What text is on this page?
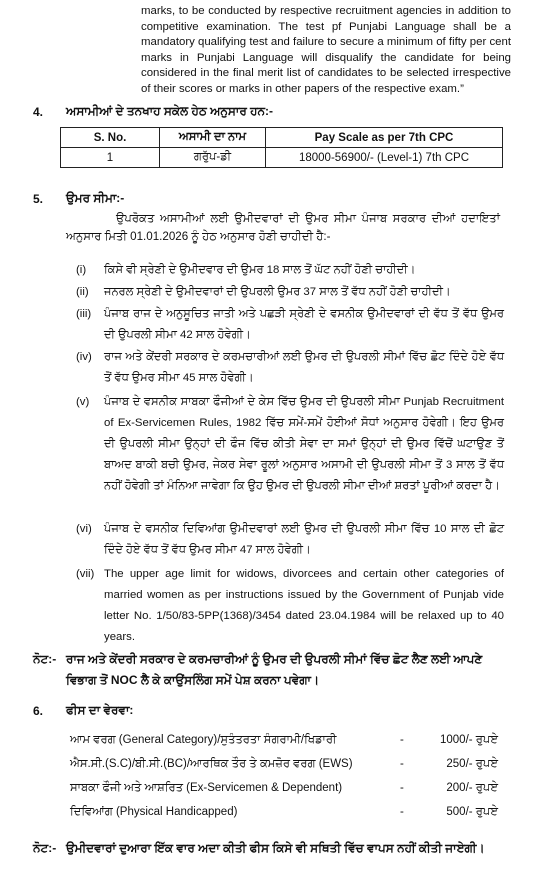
marks, to be conducted by respective recruitment agencies in addition to competitive examination. The test pf Punjabi Language shall be a mandatory qualifying test and failure to secure a minimum of fifty per cent marks in Punjabi Language will disqualify the candidate for being considered in the final merit list of candidates to be selected irrespective of their scores or marks in other papers of the respective exam.”
4. ਅਸਾਮੀਆਂ ਦੇ ਤਨਖਾਹ ਸਕੇਲ ਹੇਠ ਅਨੁਸਾਰ ਹਨ:-
S. No.	ਅਸਾਮੀ ਦਾ ਨਾਮ	Pay Scale as per 7th CPC
1	ਗਰੁੱਪ-ਡੀ	18000-56900/- (Level-1) 7th CPC
5. ਉਮਰ ਸੀਮਾ:-
ਉਪਰੋਕਤ ਅਸਾਮੀਆਂ ਲਈ ਉਮੀਦਵਾਰਾਂ ਦੀ ਉਮਰ ਸੀਮਾ ਪੰਜਾਬ ਸਰਕਾਰ ਦੀਆਂ ਹਦਾਇਤਾਂ ਅਨੁਸਾਰ ਮਿਤੀ 01.01.2026 ਨੂੰ ਹੇਠ ਅਨੁਸਾਰ ਹੋਣੀ ਚਾਹੀਦੀ ਹੈ:-
(i)	ਕਿਸੇ ਵੀ ਸ੍ਰੇਣੀ ਦੇ ਉਮੀਦਵਾਰ ਦੀ ਉਮਰ 18 ਸਾਲ ਤੋਂ ਘੱਟ ਨਹੀਂ ਹੋਣੀ ਚਾਹੀਦੀ।
(ii)	ਜਨਰਲ ਸ੍ਰੇਣੀ ਦੇ ਉਮੀਦਵਾਰਾਂ ਦੀ ਉਪਰਲੀ ਉਮਰ 37 ਸਾਲ ਤੋਂ ਵੱਧ ਨਹੀਂ ਹੋਣੀ ਚਾਹੀਦੀ।
(iii)	ਪੰਜਾਬ ਰਾਜ ਦੇ ਅਨੁਸੂਚਿਤ ਜਾਤੀ ਅਤੇ ਪਛੜੀ ਸ੍ਰੇਣੀ ਦੇ ਵਸਨੀਕ ਉਮੀਦਵਾਰਾਂ ਦੀ ਵੱਧ ਤੋਂ ਵੱਧ ਉਮਰ ਦੀ ਉਪਰਲੀ ਸੀਮਾ 42 ਸਾਲ ਹੋਵੇਗੀ।
(iv)	ਰਾਜ ਅਤੇ ਕੇਂਦਰੀ ਸਰਕਾਰ ਦੇ ਕਰਮਚਾਰੀਆਂ ਲਈ ਉਮਰ ਦੀ ਉਪਰਲੀ ਸੀਮਾਂ ਵਿੱਚ ਛੋਟ ਦਿੰਦੇ ਹੋਏ ਵੱਧ ਤੋਂ ਵੱਧ ਉਮਰ ਸੀਮਾ 45 ਸਾਲ ਹੋਵੇਗੀ।
(v)	ਪੰਜਾਬ ਦੇ ਵਸਨੀਕ ਸਾਬਕਾ ਫੌਜੀਆਂ ਦੇ ਕੇਸ ਵਿੱਚ ਉਮਰ ਦੀ ਉਪਰਲੀ ਸੀਮਾ Punjab Recruitment of Ex-Servicemen Rules, 1982 ਵਿੱਚ ਸਮੇਂ-ਸਮੇਂ ਹੋਈਆਂ ਸੋਧਾਂ ਅਨੁਸਾਰ ਹੋਵੇਗੀ। ਇਹ ਉਮਰ ਦੀ ਉਪਰਲੀ ਸੀਮਾ ਉਨ੍ਹਾਂ ਦੀ ਫੌਜ ਵਿੱਚ ਕੀਤੀ ਸੇਵਾ ਦਾ ਸਮਾਂ ਉਨ੍ਹਾਂ ਦੀ ਉਮਰ ਵਿੱਚੋਂ ਘਟਾਉਣ ਤੋਂ ਬਾਅਦ ਬਾਕੀ ਬਚੀ ਉਮਰ, ਜੇਕਰ ਸੇਵਾ ਰੂਲਾਂ ਅਨੁਸਾਰ ਅਸਾਮੀ ਦੀ ਉਪਰਲੀ ਸੀਮਾ ਤੋਂ 3 ਸਾਲ ਤੋਂ ਵੱਧ ਨਹੀਂ ਹੋਵੇਗੀ ਤਾਂ ਮੰਨਿਆ ਜਾਵੇਗਾ ਕਿ ਉਹ ਉਮਰ ਦੀ ਉਪਰਲੀ ਸੀਮਾ ਦੀਆਂ ਸ਼ਰਤਾਂ ਪੂਰੀਆਂ ਕਰਦਾ ਹੈ।
(vi)	ਪੰਜਾਬ ਦੇ ਵਸਨੀਕ ਦਿਵਿਆਂਗ ਉਮੀਦਵਾਰਾਂ ਲਈ ਉਮਰ ਦੀ ਉਪਰਲੀ ਸੀਮਾ ਵਿੱਚ 10 ਸਾਲ ਦੀ ਛੋਟ ਦਿੰਦੇ ਹੋਏ ਵੱਧ ਤੋਂ ਵੱਧ ਉਮਰ ਸੀਮਾ 47 ਸਾਲ ਹੋਵੇਗੀ।
(vii) The upper age limit for widows, divorcees and certain other categories of married women as per instructions issued by the Government of Punjab vide letter No. 1/50/83-5PP(1368)/3454 dated 23.04.1984 will be relaxed up to 40 years.
ਨੋਟ:- ਰਾਜ ਅਤੇ ਕੇਂਦਰੀ ਸਰਕਾਰ ਦੇ ਕਰਮਚਾਰੀਆਂ ਨੂੰ ਉਮਰ ਦੀ ਉਪਰਲੀ ਸੀਮਾਂ ਵਿੱਚ ਛੋਟ ਲੈਣ ਲਈ ਆਪਣੇ ਵਿਭਾਗ ਤੋਂ NOC ਲੈ ਕੇ ਕਾਉਂਸਲਿੰਗ ਸਮੇਂ ਪੇਸ਼ ਕਰਨਾ ਪਵੇਗਾ।
6. ਫੀਸ ਦਾ ਵੇਰਵਾ:
ਆਮ ਵਰਗ (General Category)/ਸੁਤੰਤਰਤਾ ਸੰਗਰਾਮੀ/ਖਿਡਾਰੀ	-	1000/- ਰੁਪਏ
ਐਸ.ਸੀ.(S.C)/ਬੀ.ਸੀ.(BC)/ਆਰਥਿਕ ਤੌਰ ਤੇ ਕਮਜ਼ੋਰ ਵਰਗ (EWS)	-	250/- ਰੁਪਏ
ਸਾਬਕਾ ਫੌਜੀ ਅਤੇ ਆਸ਼ਰਿਤ (Ex-Servicemen & Dependent)	-	200/- ਰੁਪਏ
ਦਿਵਿਆਂਗ (Physical Handicapped)	-	500/- ਰੁਪਏ
ਨੋਟ:- ਉਮੀਦਵਾਰਾਂ ਦੁਆਰਾ ਇੱਕ ਵਾਰ ਅਦਾ ਕੀਤੀ ਫੀਸ ਕਿਸੇ ਵੀ ਸਥਿਤੀ ਵਿੱਚ ਵਾਪਸ ਨਹੀਂ ਕੀਤੀ ਜਾਏਗੀ।
